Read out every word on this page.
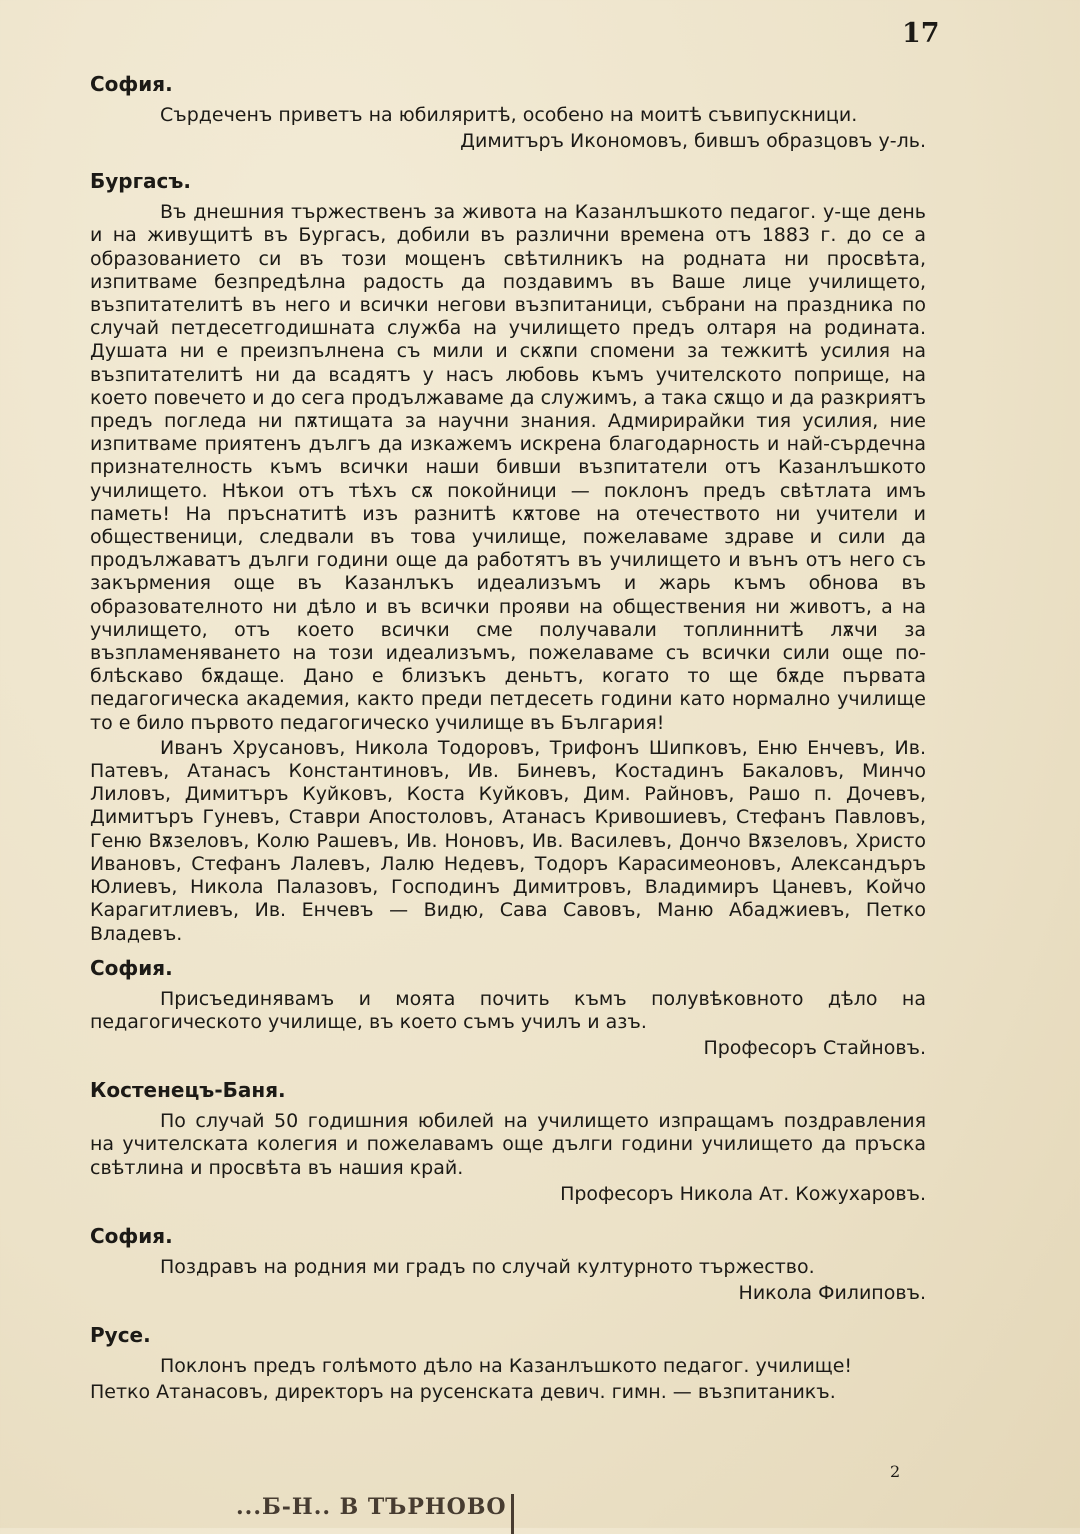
17
София.

Сърдеченъ приветъ на юбиляритѣ, особено на моитѣ съвипускници.

Димитъръ Икономовъ, бившъ образцовъ у-ль.

Бургасъ.

Въ днешния тържественъ за живота на Казанлъшкото педагог. у-ще день и на живущитѣ въ Бургасъ, добили въ различни времена отъ 1883 г. до се а образованието си въ този мощенъ свѣтилникъ на родната ни просвѣта, изпитваме безпредѣлна радость да поздавимъ въ Ваше лице училището, възпитателитѣ въ него и всички негови възпитаници, събрани на праздника по случай петдесетгодишната служба на училището предъ олтаря на родината. Душата ни е преизпълнена съ мили и скѫпи спомени за тежкитѣ усилия на възпитателитѣ ни да всадятъ у насъ любовь къмъ учителското поприще, на което повечето и до сега продължаваме да служимъ, а така сѫщо и да разкриятъ предъ погледа ни пѫтищата за научни знания. Адмирирайки тия усилия, ние изпитваме приятенъ дългъ да изкажемъ искрена благодарность и най-сърдечна признателность къмъ всички наши бивши възпитатели отъ Казанлъшкото училището. Нѣкои отъ тѣхъ сѫ покойници — поклонъ предъ свѣтлата имъ паметь! На пръснатитѣ изъ разнитѣ кѫтове на отечеството ни учители и общественици, следвали въ това училище, пожелаваме здраве и сили да продължаватъ дълги години още да работятъ въ училището и вънъ отъ него съ закърмения още въ Казанлъкъ идеализъмъ и жарь къмъ обнова въ образователното ни дѣло и въ всички прояви на обществения ни животъ, а на училището, отъ което всички сме получавали топлиннитѣ лѫчи за възпламеняването на този идеализъмъ, пожелаваме съ всички сили още по-блѣскаво бѫдаще. Дано е близъкъ деньтъ, когато то ще бѫде първата педагогическа академия, както преди петдесеть години като нормално училище то е било първото педагогическо училище въ България!

Иванъ Хрусановъ, Никола Тодоровъ, Трифонъ Шипковъ, Еню Енчевъ, Ив. Патевъ, Атанасъ Константиновъ, Ив. Биневъ, Костадинъ Бакаловъ, Минчо Лиловъ, Димитъръ Куйковъ, Коста Куйковъ, Дим. Райновъ, Рашо п. Дочевъ, Димитъръ Гуневъ, Ставри Апостоловъ, Атанасъ Кривошиевъ, Стефанъ Павловъ, Геню Вѫзеловъ, Колю Рашевъ, Ив. Ноновъ, Ив. Василевъ, Дончо Вѫзеловъ, Христо Ивановъ, Стефанъ Лалевъ, Лалю Недевъ, Тодоръ Карасимеоновъ, Александъръ Юлиевъ, Никола Палазовъ, Господинъ Димитровъ, Владимиръ Цаневъ, Койчо Карагитлиевъ, Ив. Енчевъ — Видю, Сава Савовъ, Маню Абаджиевъ, Петко Владевъ.

София.

Присъединявамъ и моята почить къмъ полувѣковното дѣло на педагогическото училище, въ което съмъ училъ и азъ.

Професоръ Стайновъ.

Костенецъ-Баня.

По случай 50 годишния юбилей на училището изпращамъ поздравления на учителската колегия и пожелавамъ още дълги години училището да пръска свѣтлина и просвѣта въ нашия край.

Професоръ Никола Ат. Кожухаровъ.

София.

Поздравъ на родния ми градъ по случай културното тържество.

Никола Филиповъ.

Русе.

Поклонъ предъ голѣмото дѣло на Казанлъшкото педагог. училище!

Петко Атанасовъ, директоръ на русенската девич. гимн. — възпитаникъ.

2
...Б-Н.. В ТЪРНОВО
